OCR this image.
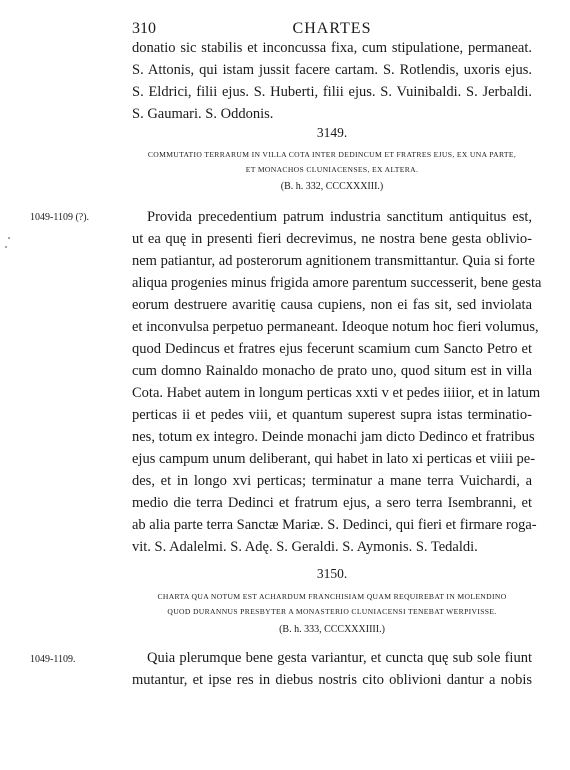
310	CHARTES
donatio sic stabilis et inconcussa fixa, cum stipulatione, permaneat.
S. Attonis, qui istam jussit facere cartam. S. Rotlendis, uxoris ejus.
S. Eldrici, filii ejus. S. Huberti, filii ejus. S. Vuinibaldi. S. Jerbaldi.
S. Gaumari. S. Oddonis.
3149.
COMMUTATIO TERRARUM IN VILLA COTA INTER DEDINCUM ET FRATRES EJUS, EX UNA PARTE,
ET MONACHOS CLUNIACENSES, EX ALTERA.
(B. h. 332, CCCXXXIII.)
1049-1109 (?).	Provida precedentium patrum industria sanctitum antiquitus est,
ut ea quę in presenti fieri decrevimus, ne nostra bene gesta oblivio-
nem patiantur, ad posterorum agnitionem transmittantur. Quia si forte
aliqua progenies minus frigida amore parentum successerit, bene gesta
eorum destruere avaritię causa cupiens, non ei fas sit, sed inviolata
et inconvulsa perpetuo permaneant. Ideoque notum hoc fieri volumus,
quod Dedincus et fratres ejus fecerunt scamium cum Sancto Petro et
cum domno Rainaldo monacho de prato uno, quod situm est in villa
Cota. Habet autem in longum perticas xxti v et pedes iiiior, et in latum
perticas ii et pedes viii, et quantum superest supra istas terminatio-
nes, totum ex integro. Deinde monachi jam dicto Dedinco et fratribus
ejus campum unum deliberant, qui habet in lato xi perticas et viiii pe-
des, et in longo xvi perticas; terminatur a mane terra Vuichardi, a
medio die terra Dedinci et fratrum ejus, a sero terra Isembranni, et
ab alia parte terra Sanctæ Mariæ. S. Dedinci, qui fieri et firmare roga-
vit. S. Adalelmi. S. Adę. S. Geraldi. S. Aymonis. S. Tedaldi.
3150.
CHARTA QUA NOTUM EST ACHARDUM FRANCHISIAM QUAM REQUIREBAT IN MOLENDINO
QUOD DURANNUS PRESBYTER A MONASTERIO CLUNIACENSI TENEBAT WERPIVISSE.
(B. h. 333, CCCXXXIIII.)
1049-1109.	Quia plerumque bene gesta variantur, et cuncta quę sub sole fiunt
mutantur, et ipse res in diebus nostris cito oblivioni dantur a nobis
